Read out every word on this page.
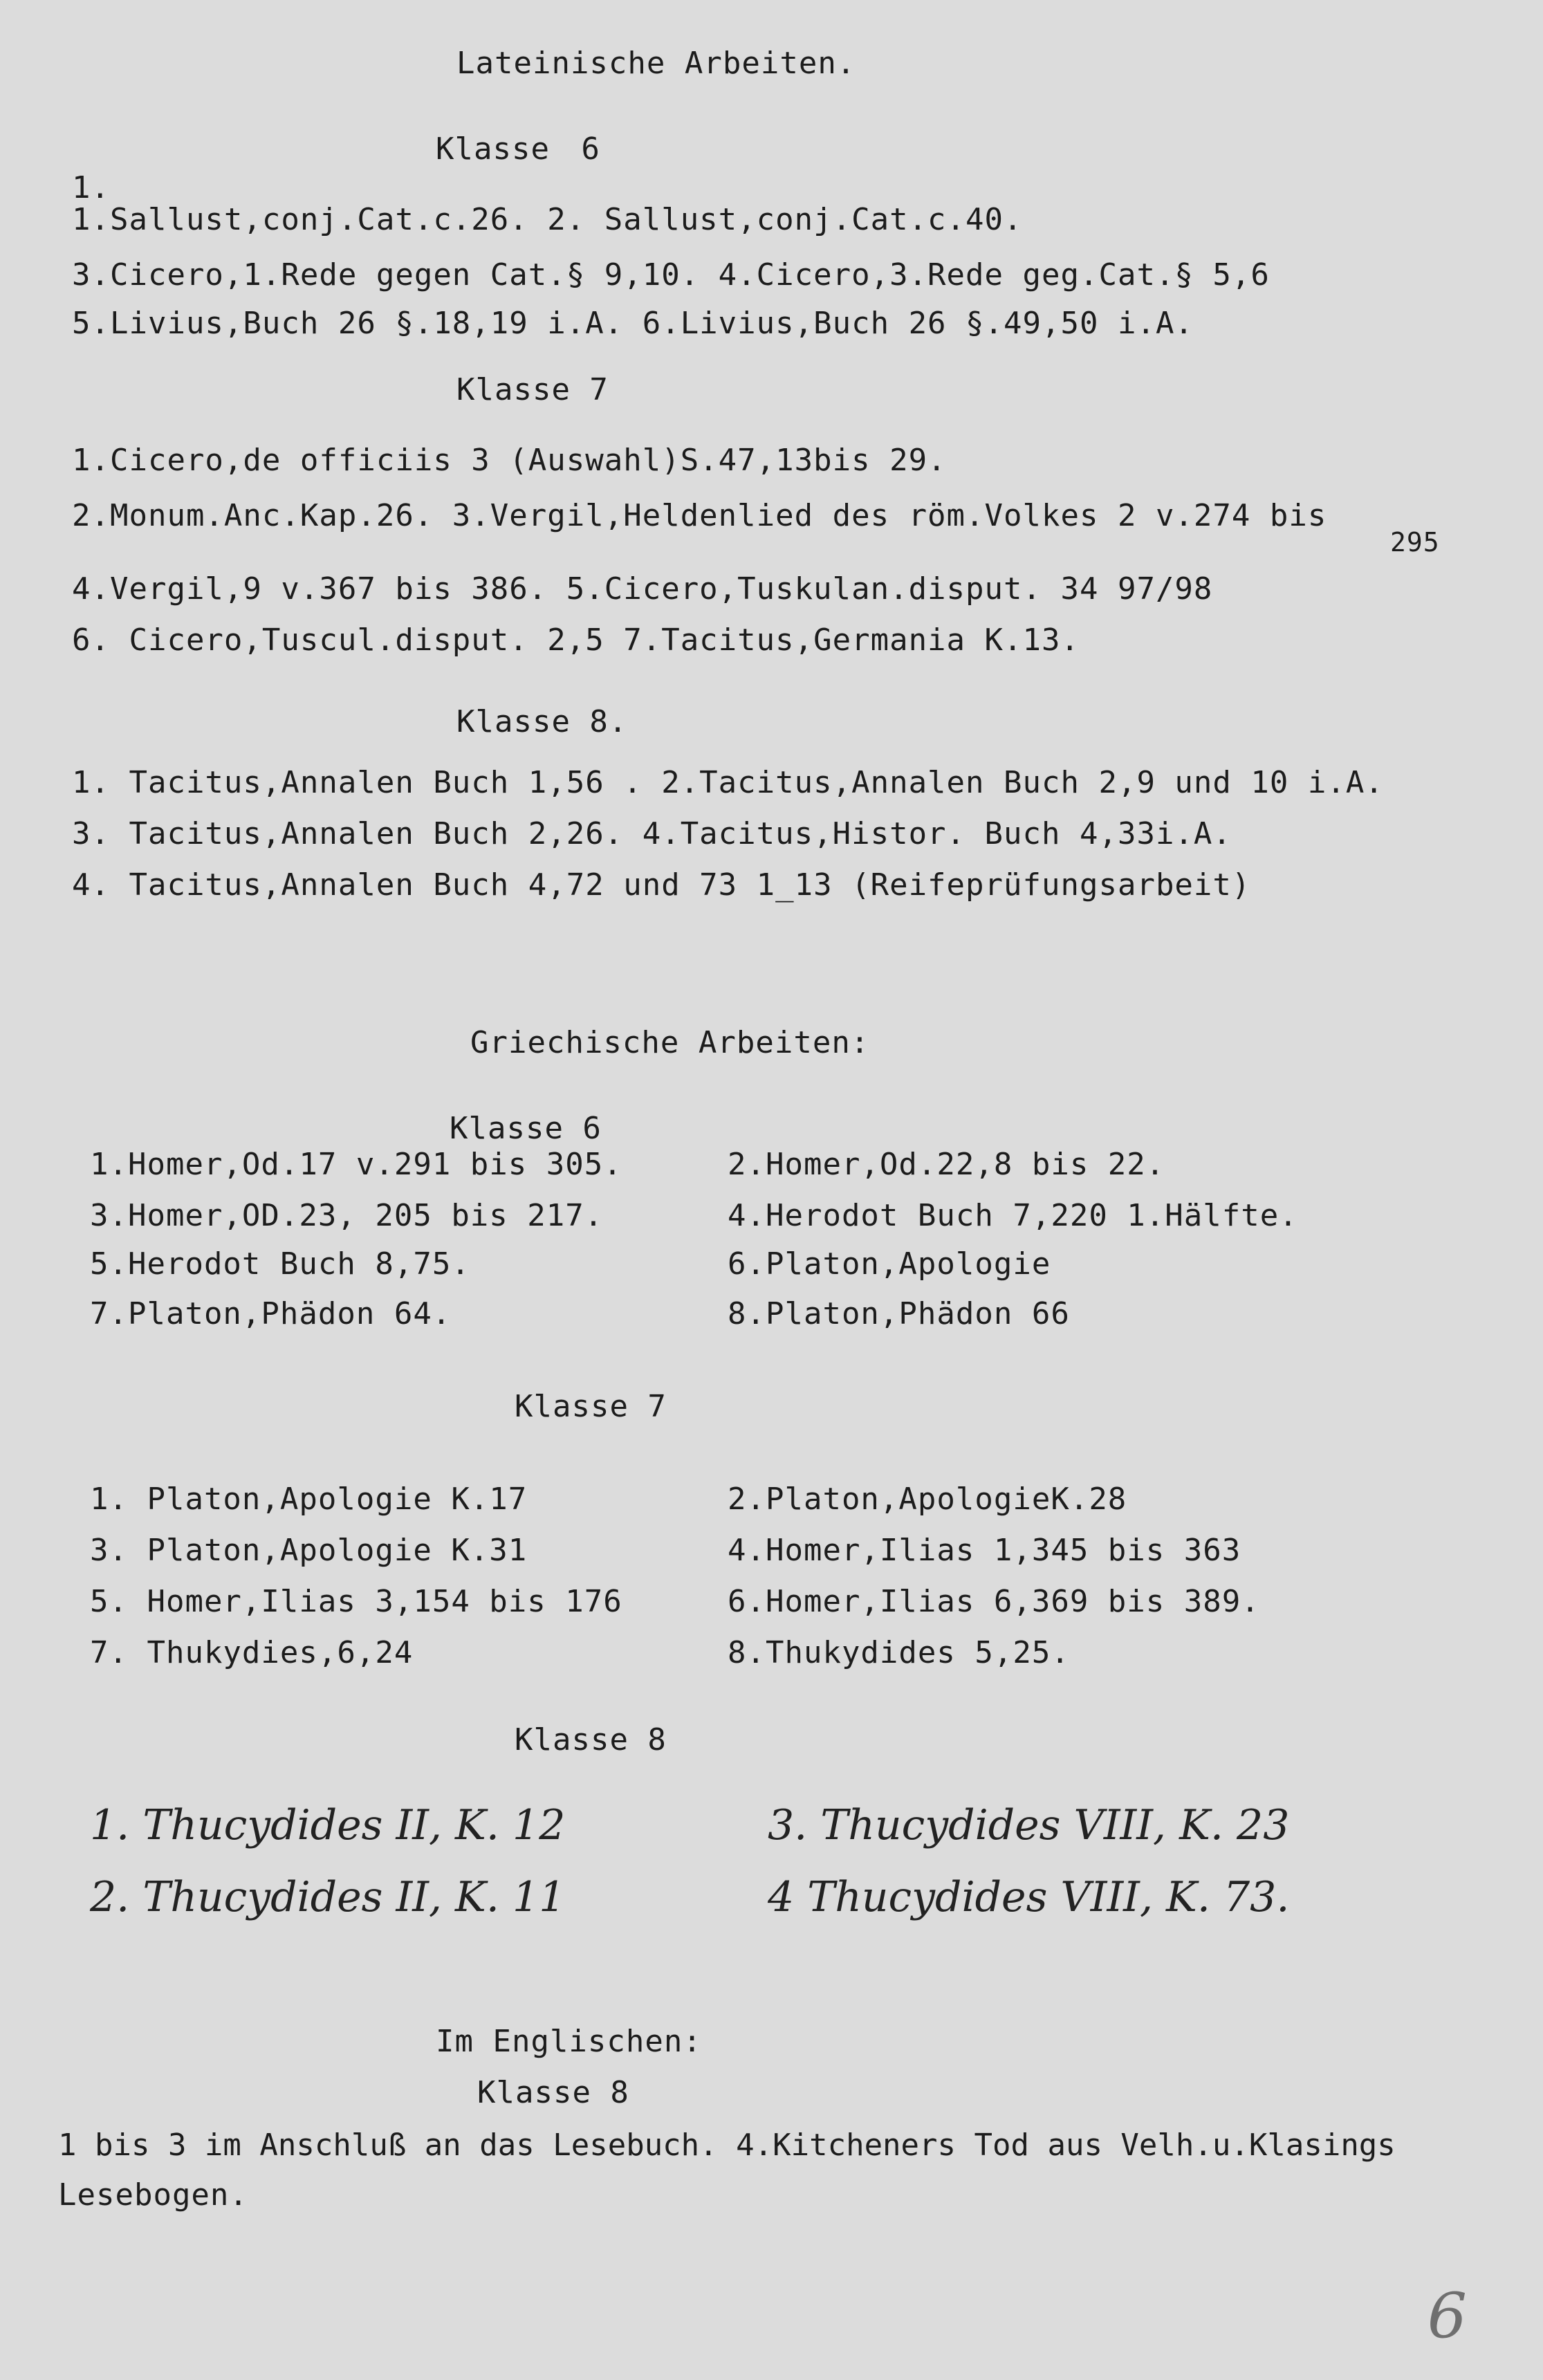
Lateinische Arbeiten.
Klasse 6
1.
1.Sallust,conj.Cat.c.26. 2. Sallust,conj.Cat.c.40.
3.Cicero,1.Rede gegen Cat.§ 9,10. 4.Cicero,3.Rede geg.Cat.§ 5,6
5.Livius,Buch 26 §.18,19 i.A. 6.Livius,Buch 26 §.49,50 i.A.
Klasse 7
1.Cicero,de officiis 3 (Auswahl)S.47,13bis 29.
2.Monum.Anc.Kap.26. 3.Vergil,Heldenlied des röm.Volkes 2 v.274 bis
295
4.Vergil,9 v.367 bis 386. 5.Cicero,Tuskulan.disput. 34 97/98
6. Cicero,Tuscul.disput. 2,5 7.Tacitus,Germania K.13.
Klasse 8.
1. Tacitus,Annalen Buch 1,56 . 2.Tacitus,Annalen Buch 2,9 und 10 i.A.
3. Tacitus,Annalen Buch 2,26. 4.Tacitus,Histor. Buch 4,33i.A.
4. Tacitus,Annalen Buch 4,72 und 73 1_13 (Reifeprüfungsarbeit)
Griechische Arbeiten:
Klasse 6
1.Homer,Od.17 v.291 bis 305.	2.Homer,Od.22,8 bis 22.
3.Homer,OD.23, 205 bis 217.	4.Herodot Buch 7,220 1.Hälfte.
5.Herodot Buch 8,75.	6.Platon,Apologie
7.Platon,Phädon 64.	8.Platon,Phädon 66
Klasse 7
1. Platon,Apologie K.17	2.Platon,ApologieK.28
3. Platon,Apologie K.31	4.Homer,Ilias 1,345 bis 363
5. Homer,Ilias 3,154 bis 176	6.Homer,Ilias 6,369 bis 389.
7. Thukydies,6,24	8.Thukydides 5,25.
Klasse 8
1. Thucydides II, K. 12	3. Thucydides VIII, K. 23
2. Thucydides II, K. 11	4 Thucydides VIII, K. 73.
Im Englischen:
Klasse 8
1 bis 3 im Anschluß an das Lesebuch. 4.Kitcheners Tod aus Velh.u.Klasings
Lesebogen.
6
